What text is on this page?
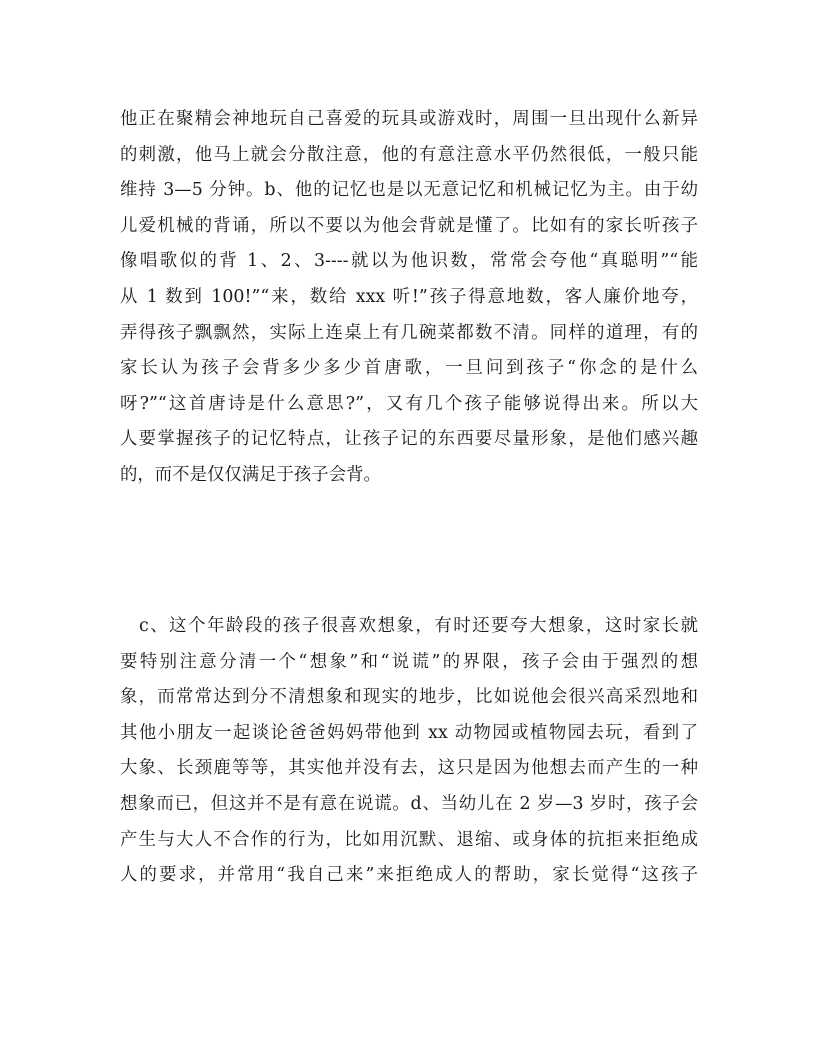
他正在聚精会神地玩自己喜爱的玩具或游戏时，周围一旦出现什么新异
的刺激，他马上就会分散注意，他的有意注意水平仍然很低，一般只能
维持 3—5 分钟。b、他的记忆也是以无意记忆和机械记忆为主。由于幼
儿爱机械的背诵，所以不要以为他会背就是懂了。比如有的家长听孩子
像唱歌似的背 1、2、3----就以为他识数，常常会夸他“真聪明”“能
从 1 数到 100!”“来，数给 xxx 听!”孩子得意地数，客人廉价地夸，
弄得孩子飘飘然，实际上连桌上有几碗菜都数不清。同样的道理，有的
家长认为孩子会背多少多少首唐歌，一旦问到孩子“你念的是什么
呀?”“这首唐诗是什么意思?”，又有几个孩子能够说得出来。所以大
人要掌握孩子的记忆特点，让孩子记的东西要尽量形象，是他们感兴趣
的，而不是仅仅满足于孩子会背。
　c、这个年龄段的孩子很喜欢想象，有时还要夸大想象，这时家长就
要特别注意分清一个“想象”和“说谎”的界限，孩子会由于强烈的想
象，而常常达到分不清想象和现实的地步，比如说他会很兴高采烈地和
其他小朋友一起谈论爸爸妈妈带他到 xx 动物园或植物园去玩，看到了
大象、长颈鹿等等，其实他并没有去，这只是因为他想去而产生的一种
想象而已，但这并不是有意在说谎。d、当幼儿在 2 岁—3 岁时，孩子会
产生与大人不合作的行为，比如用沉默、退缩、或身体的抗拒来拒绝成
人的要求，并常用“我自己来”来拒绝成人的帮助，家长觉得“这孩子
